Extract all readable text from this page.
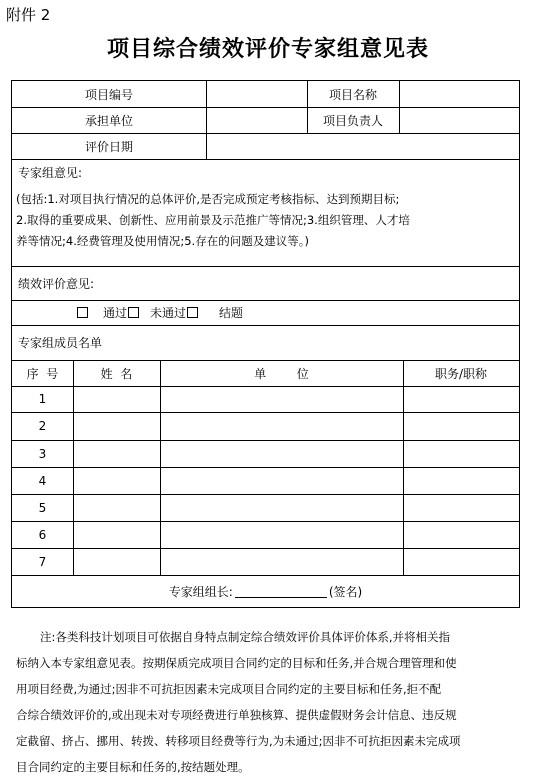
附件 2
项目综合绩效评价专家组意见表
项目编号	项目名称
承担单位	项目负责人
评价日期
专家组意见:
(包括:1.对项目执行情况的总体评价,是否完成预定考核指标、达到预期目标;
2.取得的重要成果、创新性、应用前景及示范推广等情况;3.组织管理、人才培
养等情况;4.经费管理及使用情况;5.存在的问题及建议等。)
绩效评价意见:
通过 未通过	结题
专家组成员名单
序  号	姓  名	单        位	职务/职称
1
2
3
4
5
6
7
专家组组长:	(签名)
注:各类科技计划项目可依据自身特点制定综合绩效评价具体评价体系,并将相关指
标纳入本专家组意见表。按期保质完成项目合同约定的目标和任务,并合规合理管理和使
用项目经费,为通过;因非不可抗拒因素未完成项目合同约定的主要目标和任务,拒不配
合综合绩效评价的,或出现未对专项经费进行单独核算、提供虚假财务会计信息、违反规
定截留、挤占、挪用、转拨、转移项目经费等行为,为未通过;因非不可抗拒因素未完成项
目合同约定的主要目标和任务的,按结题处理。
